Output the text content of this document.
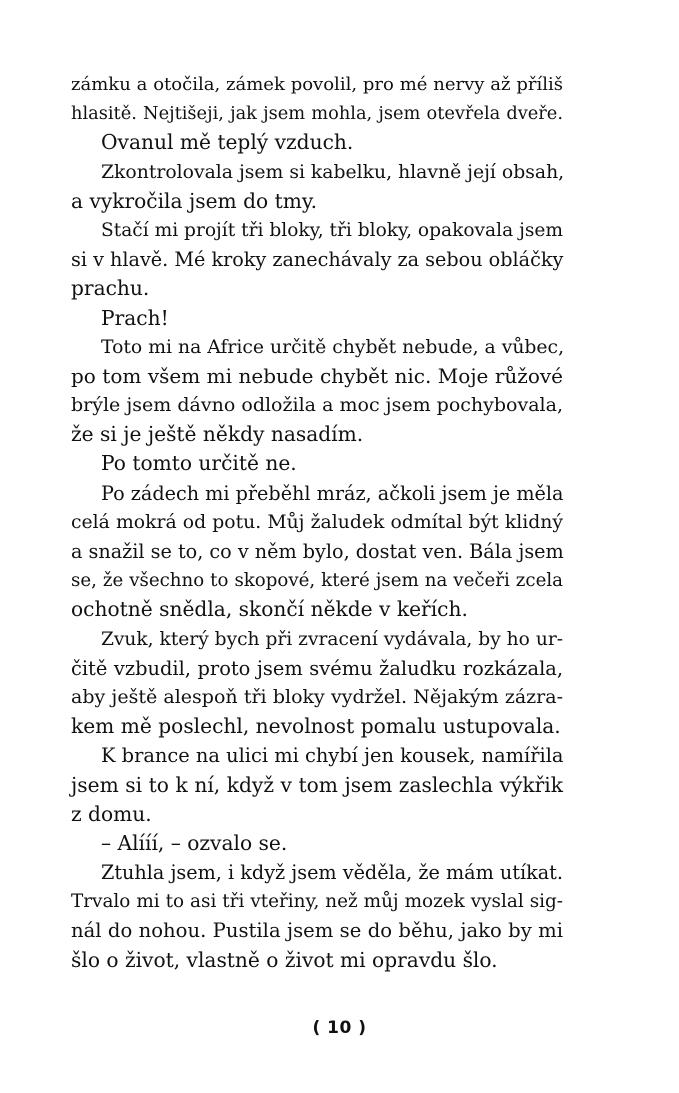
zámku a otočila, zámek povolil, pro mé nervy až příliš
hlasitě. Nejtišeji, jak jsem mohla, jsem otevřela dveře.
Ovanul mě teplý vzduch.
Zkontrolovala jsem si kabelku, hlavně její obsah,
a vykročila jsem do tmy.
Stačí mi projít tři bloky, tři bloky, opakovala jsem
si v hlavě. Mé kroky zanechávaly za sebou obláčky
prachu.
Prach!
Toto mi na Africe určitě chybět nebude, a vůbec,
po tom všem mi nebude chybět nic. Moje růžové
brýle jsem dávno odložila a moc jsem pochybovala,
že si je ještě někdy nasadím.
Po tomto určitě ne.
Po zádech mi přeběhl mráz, ačkoli jsem je měla
celá mokrá od potu. Můj žaludek odmítal být klidný
a snažil se to, co v něm bylo, dostat ven. Bála jsem
se, že všechno to skopové, které jsem na večeři zcela
ochotně snědla, skončí někde v keřích.
Zvuk, který bych při zvracení vydávala, by ho ur-
čitě vzbudil, proto jsem svému žaludku rozkázala,
aby ještě alespoň tři bloky vydržel. Nějakým zázra-
kem mě poslechl, nevolnost pomalu ustupovala.
K brance na ulici mi chybí jen kousek, namířila
jsem si to k ní, když v tom jsem zaslechla výkřik
z domu.
– Alííí, – ozvalo se.
Ztuhla jsem, i když jsem věděla, že mám utíkat.
Trvalo mi to asi tři vteřiny, než můj mozek vyslal sig-
nál do nohou. Pustila jsem se do běhu, jako by mi
šlo o život, vlastně o život mi opravdu šlo.
( 10 )
